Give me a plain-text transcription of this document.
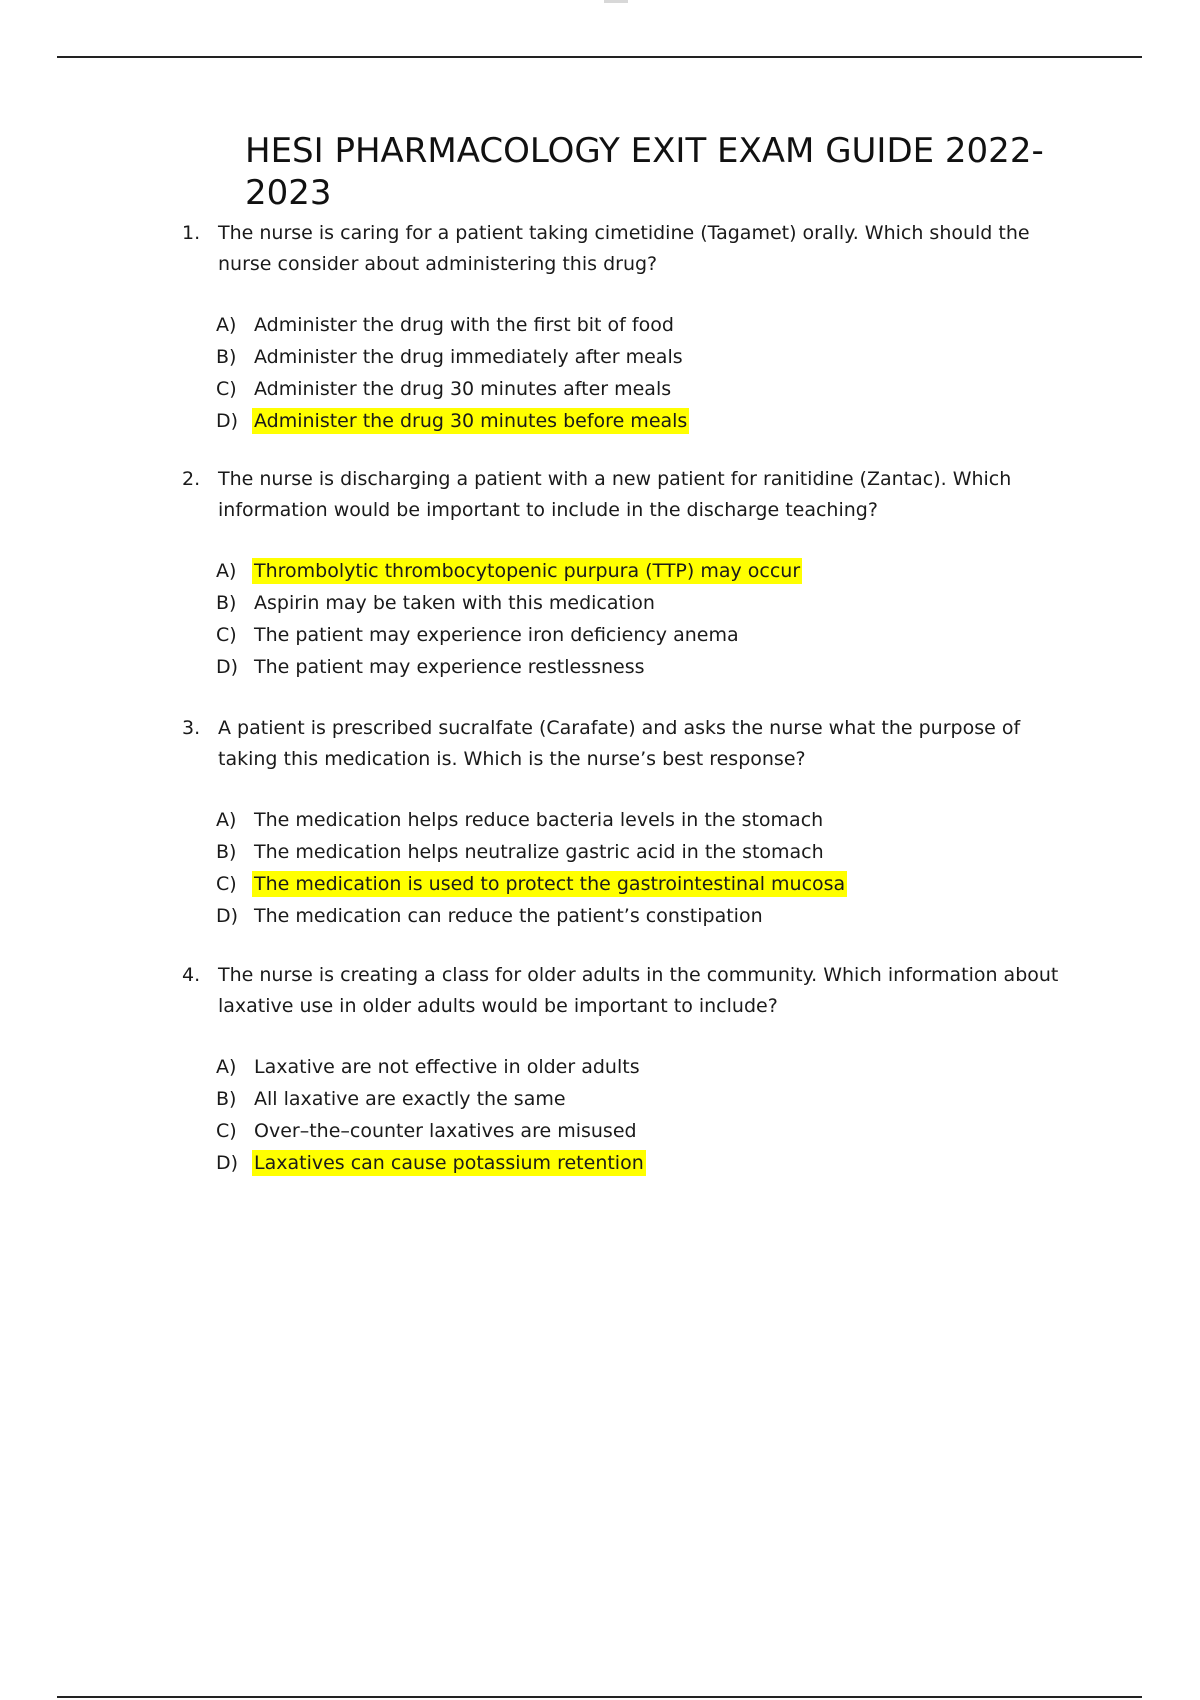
HESI PHARMACOLOGY EXIT EXAM GUIDE 2022-2023
1. The nurse is caring for a patient taking cimetidine (Tagamet) orally. Which should the nurse consider about administering this drug?
A) Administer the drug with the first bit of food
B) Administer the drug immediately after meals
C) Administer the drug 30 minutes after meals
D) Administer the drug 30 minutes before meals
2. The nurse is discharging a patient with a new patient for ranitidine (Zantac). Which information would be important to include in the discharge teaching?
A) Thrombolytic thrombocytopenic purpura (TTP) may occur
B) Aspirin may be taken with this medication
C) The patient may experience iron deficiency anema
D) The patient may experience restlessness
3. A patient is prescribed sucralfate (Carafate) and asks the nurse what the purpose of taking this medication is. Which is the nurse’s best response?
A) The medication helps reduce bacteria levels in the stomach
B) The medication helps neutralize gastric acid in the stomach
C) The medication is used to protect the gastrointestinal mucosa
D) The medication can reduce the patient’s constipation
4. The nurse is creating a class for older adults in the community. Which information about laxative use in older adults would be important to include?
A) Laxative are not effective in older adults
B) All laxative are exactly the same
C) Over–the–counter laxatives are misused
D) Laxatives can cause potassium retention
